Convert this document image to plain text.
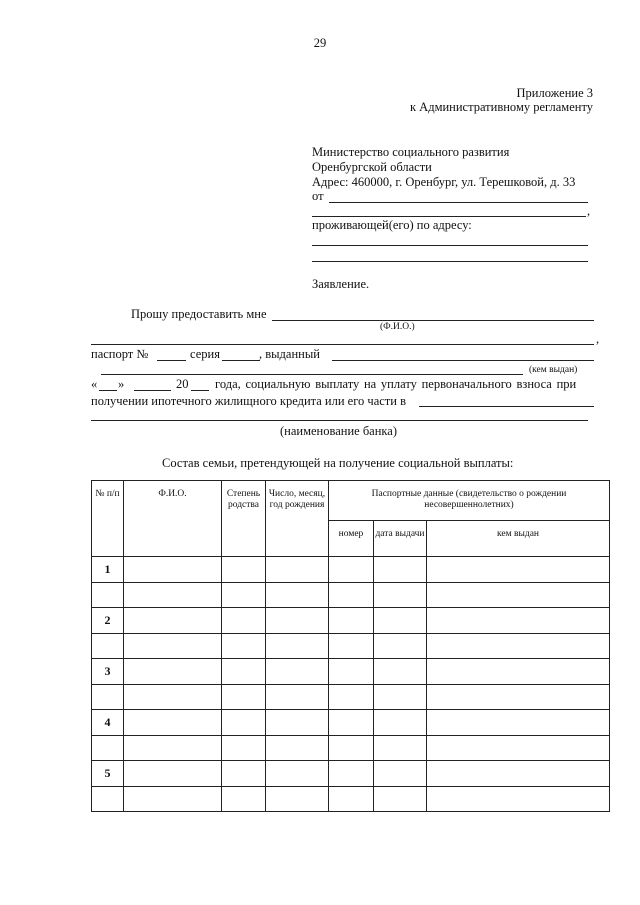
29
Приложение 3
к Административному регламенту
Министерство социального развития
Оренбургской области
Адрес: 460000, г. Оренбург, ул. Терешковой, д. 33
от
,
проживающей(его) по адресу:
Заявление.
Прошу предоставить мне
(Ф.И.О.)
,
паспорт №	серия	, выданный
(кем выдан)
« »	20 года, социальную выплату на уплату первоначального взноса при
получении ипотечного жилищного кредита или его части в
(наименование банка)
Состав семьи, претендующей на получение социальной выплаты:
№ п/п	Ф.И.О.	Степень родства	Число, месяц, год рождения	Паспортные данные (свидетельство о рождении несовершеннолетних)		
				номер	дата выдачи	кем выдан
1						

2						

3						

4						

5						
